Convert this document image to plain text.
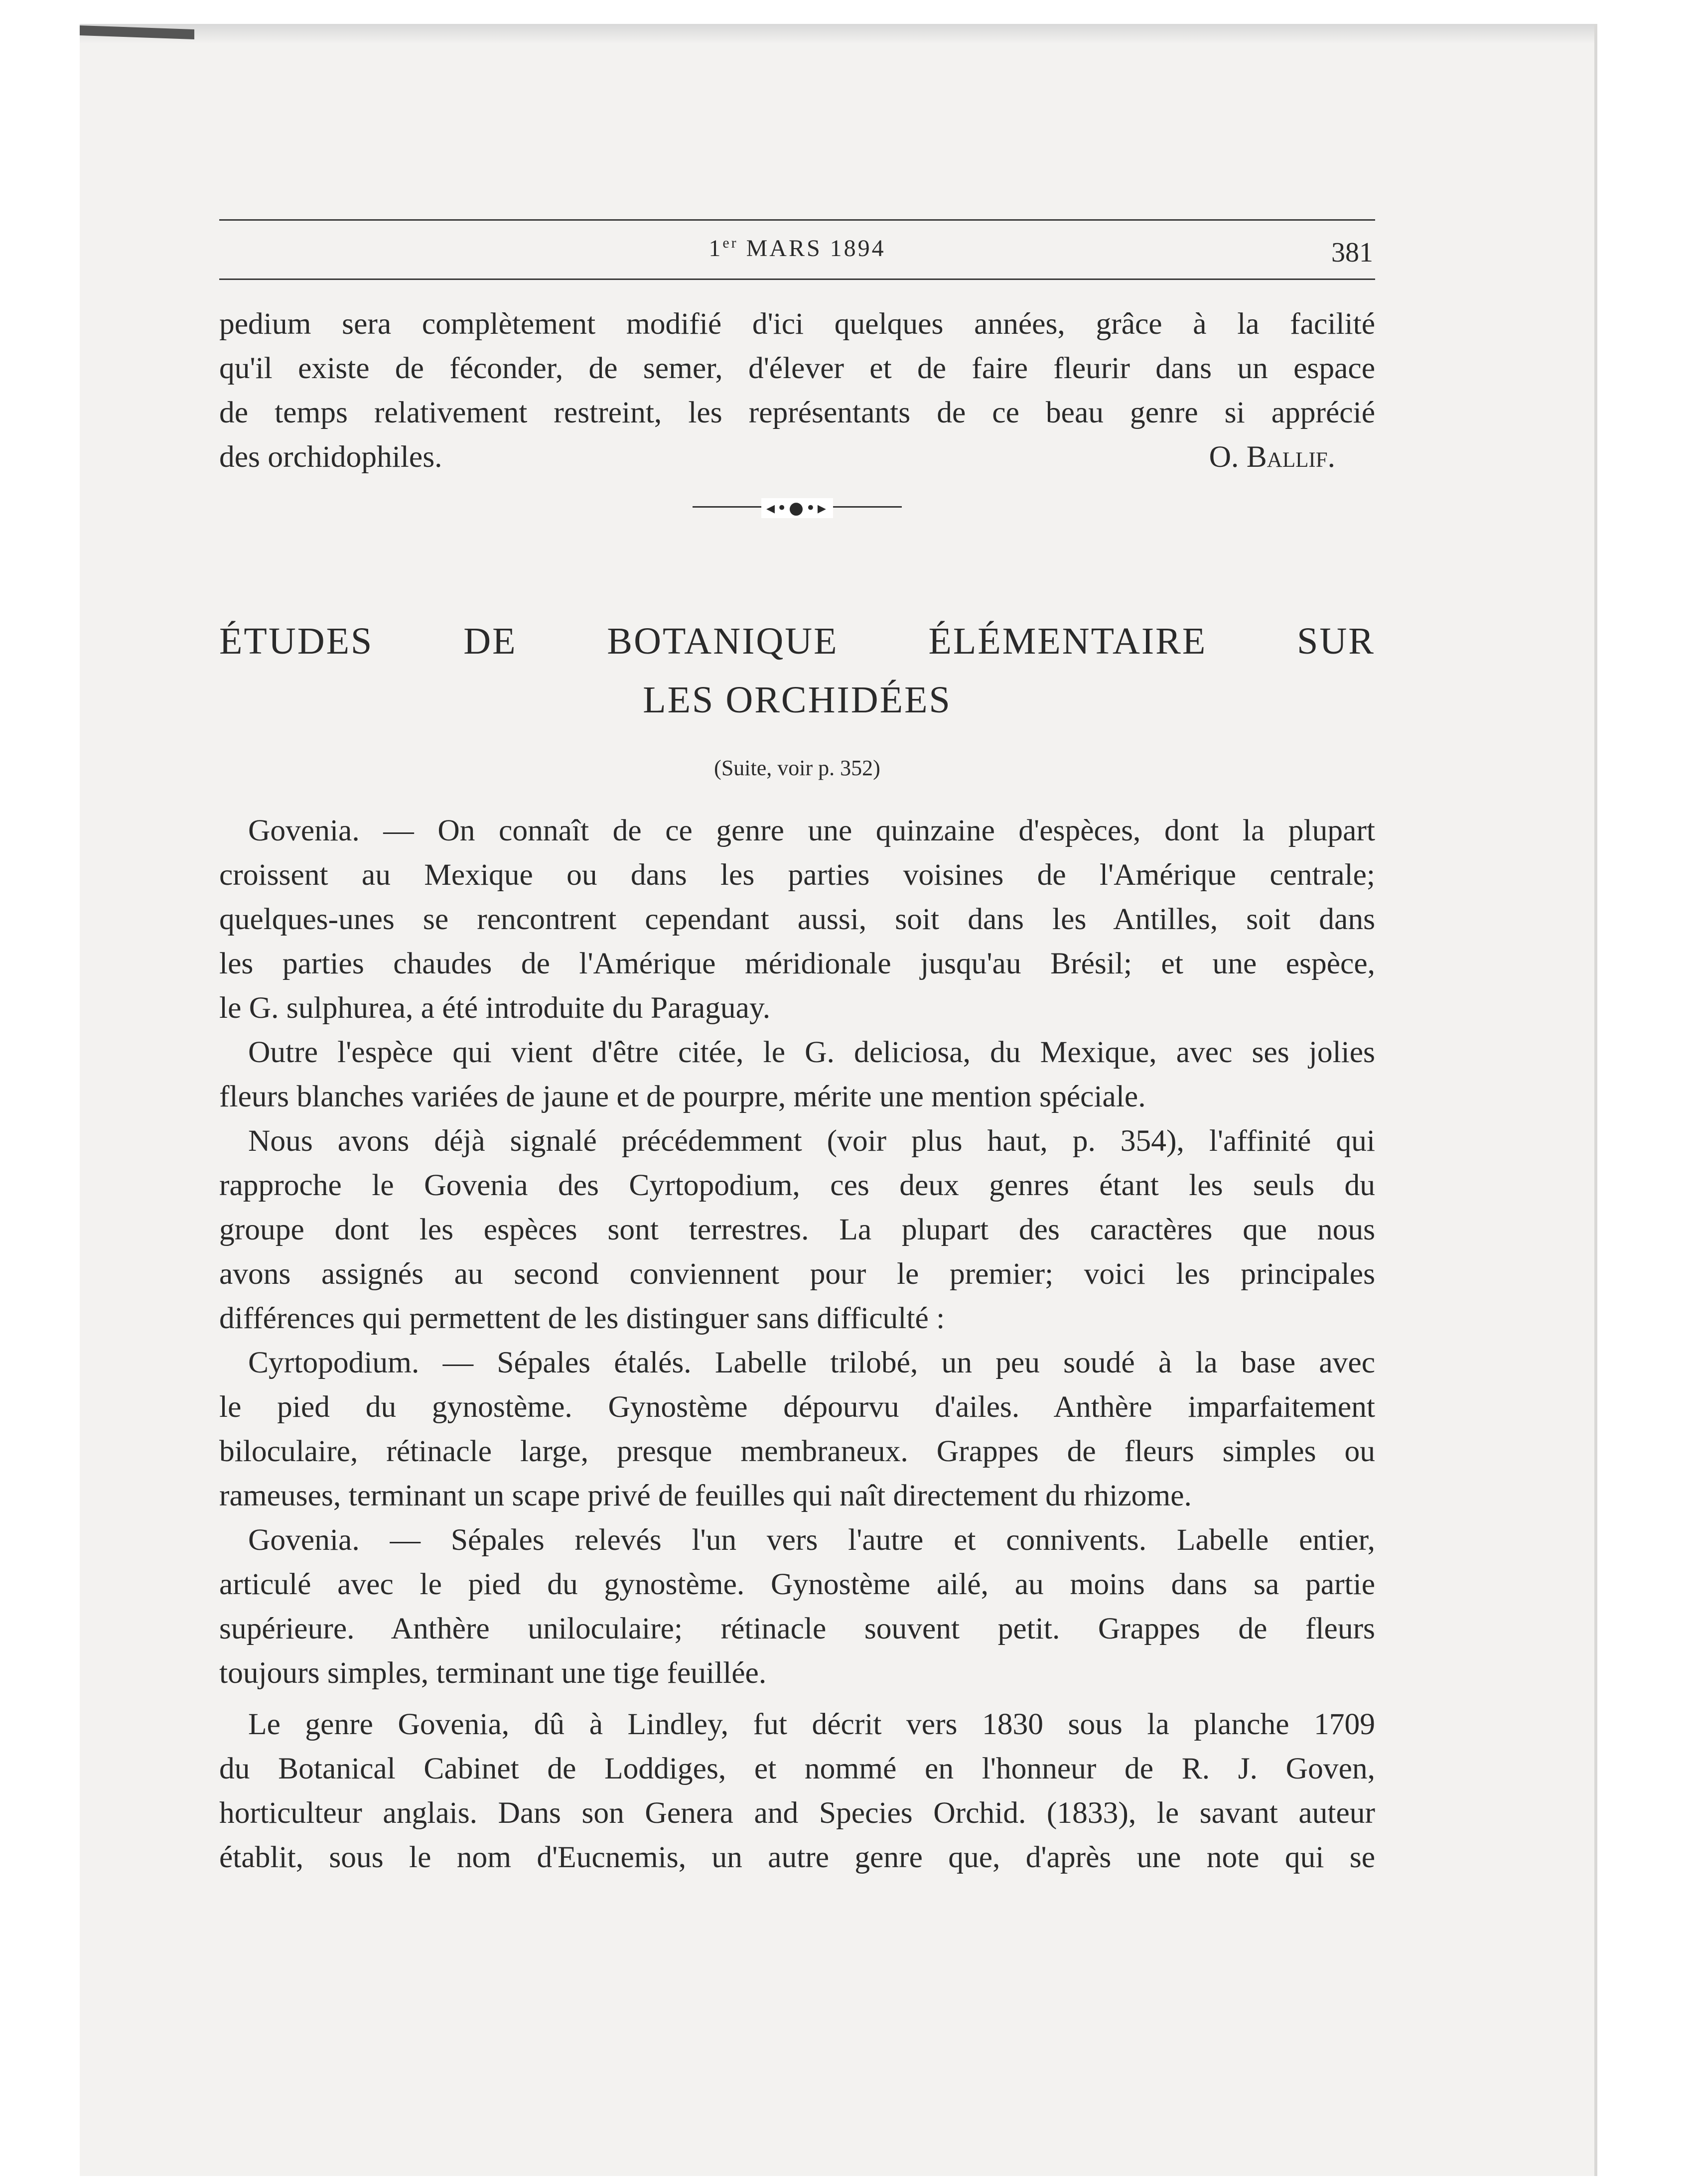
1er MARS 1894	381

pedium sera complètement modifié d'ici quelques années, grâce à la facilité

qu'il existe de féconder, de semer, d'élever et de faire fleurir dans un espace

de temps relativement restreint, les représentants de ce beau genre si apprécié

des orchidophiles.	O. Ballif.

◂•●•▸
ÉTUDES DE BOTANIQUE ÉLÉMENTAIRE SUR
LES ORCHIDÉES
(Suite, voir p. 352)

Govenia. — On connaît de ce genre une quinzaine d'espèces, dont la plupart

croissent au Mexique ou dans les parties voisines de l'Amérique centrale;

quelques-unes se rencontrent cependant aussi, soit dans les Antilles, soit dans

les parties chaudes de l'Amérique méridionale jusqu'au Brésil; et une espèce,

le G. sulphurea, a été introduite du Paraguay.

Outre l'espèce qui vient d'être citée, le G. deliciosa, du Mexique, avec ses jolies

fleurs blanches variées de jaune et de pourpre, mérite une mention spéciale.

Nous avons déjà signalé précédemment (voir plus haut, p. 354), l'affinité qui

rapproche le Govenia des Cyrtopodium, ces deux genres étant les seuls du

groupe dont les espèces sont terrestres. La plupart des caractères que nous

avons assignés au second conviennent pour le premier; voici les principales

différences qui permettent de les distinguer sans difficulté :

Cyrtopodium. — Sépales étalés. Labelle trilobé, un peu soudé à la base avec

le pied du gynostème. Gynostème dépourvu d'ailes. Anthère imparfaitement

biloculaire, rétinacle large, presque membraneux. Grappes de fleurs simples ou

rameuses, terminant un scape privé de feuilles qui naît directement du rhizome.

Govenia. — Sépales relevés l'un vers l'autre et connivents. Labelle entier,

articulé avec le pied du gynostème. Gynostème ailé, au moins dans sa partie

supérieure. Anthère uniloculaire; rétinacle souvent petit. Grappes de fleurs

toujours simples, terminant une tige feuillée.

Le genre Govenia, dû à Lindley, fut décrit vers 1830 sous la planche 1709

du Botanical Cabinet de Loddiges, et nommé en l'honneur de R. J. Goven,

horticulteur anglais. Dans son Genera and Species Orchid. (1833), le savant auteur

établit, sous le nom d'Eucnemis, un autre genre que, d'après une note qui se
